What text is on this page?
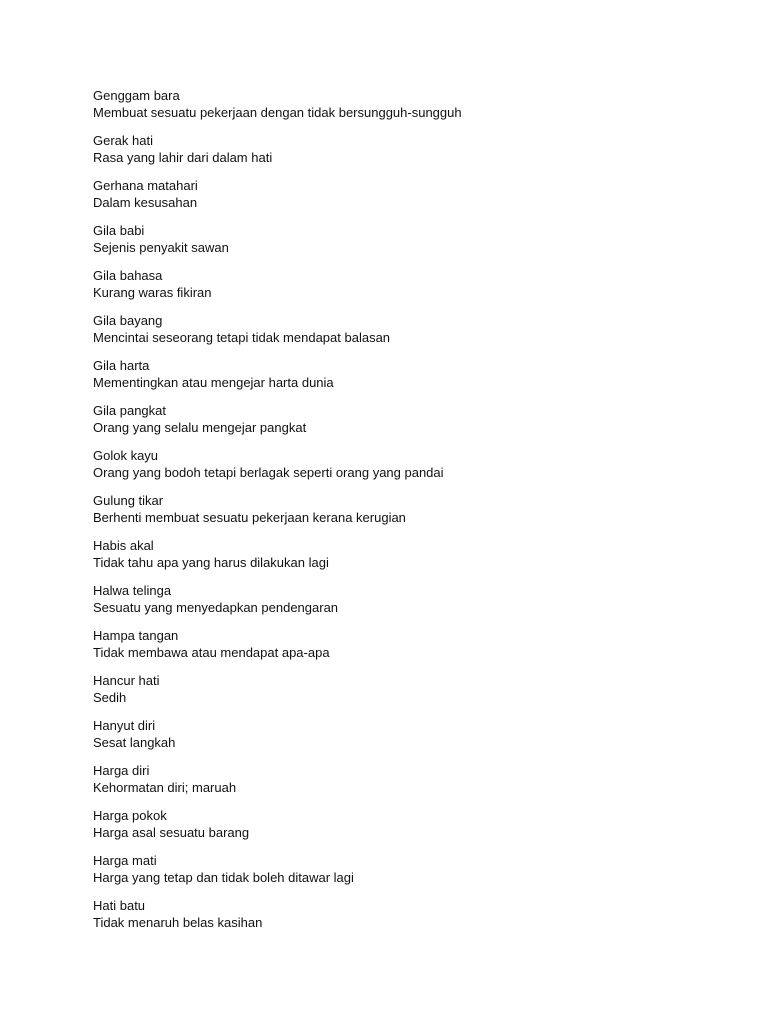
Genggam bara
Membuat sesuatu pekerjaan dengan tidak bersungguh-sungguh
Gerak hati
Rasa yang lahir dari dalam hati
Gerhana matahari
Dalam kesusahan
Gila babi
Sejenis penyakit sawan
Gila bahasa
Kurang waras fikiran
Gila bayang
Mencintai seseorang tetapi tidak mendapat balasan
Gila harta
Mementingkan atau mengejar harta dunia
Gila pangkat
Orang yang selalu mengejar pangkat
Golok kayu
Orang yang bodoh tetapi berlagak seperti orang yang pandai
Gulung tikar
Berhenti membuat sesuatu pekerjaan kerana kerugian
Habis akal
Tidak tahu apa yang harus dilakukan lagi
Halwa telinga
Sesuatu yang menyedapkan pendengaran
Hampa tangan
Tidak membawa atau mendapat apa-apa
Hancur hati
Sedih
Hanyut diri
Sesat langkah
Harga diri
Kehormatan diri; maruah
Harga pokok
Harga asal sesuatu barang
Harga mati
Harga yang tetap dan tidak boleh ditawar lagi
Hati batu
Tidak menaruh belas kasihan
